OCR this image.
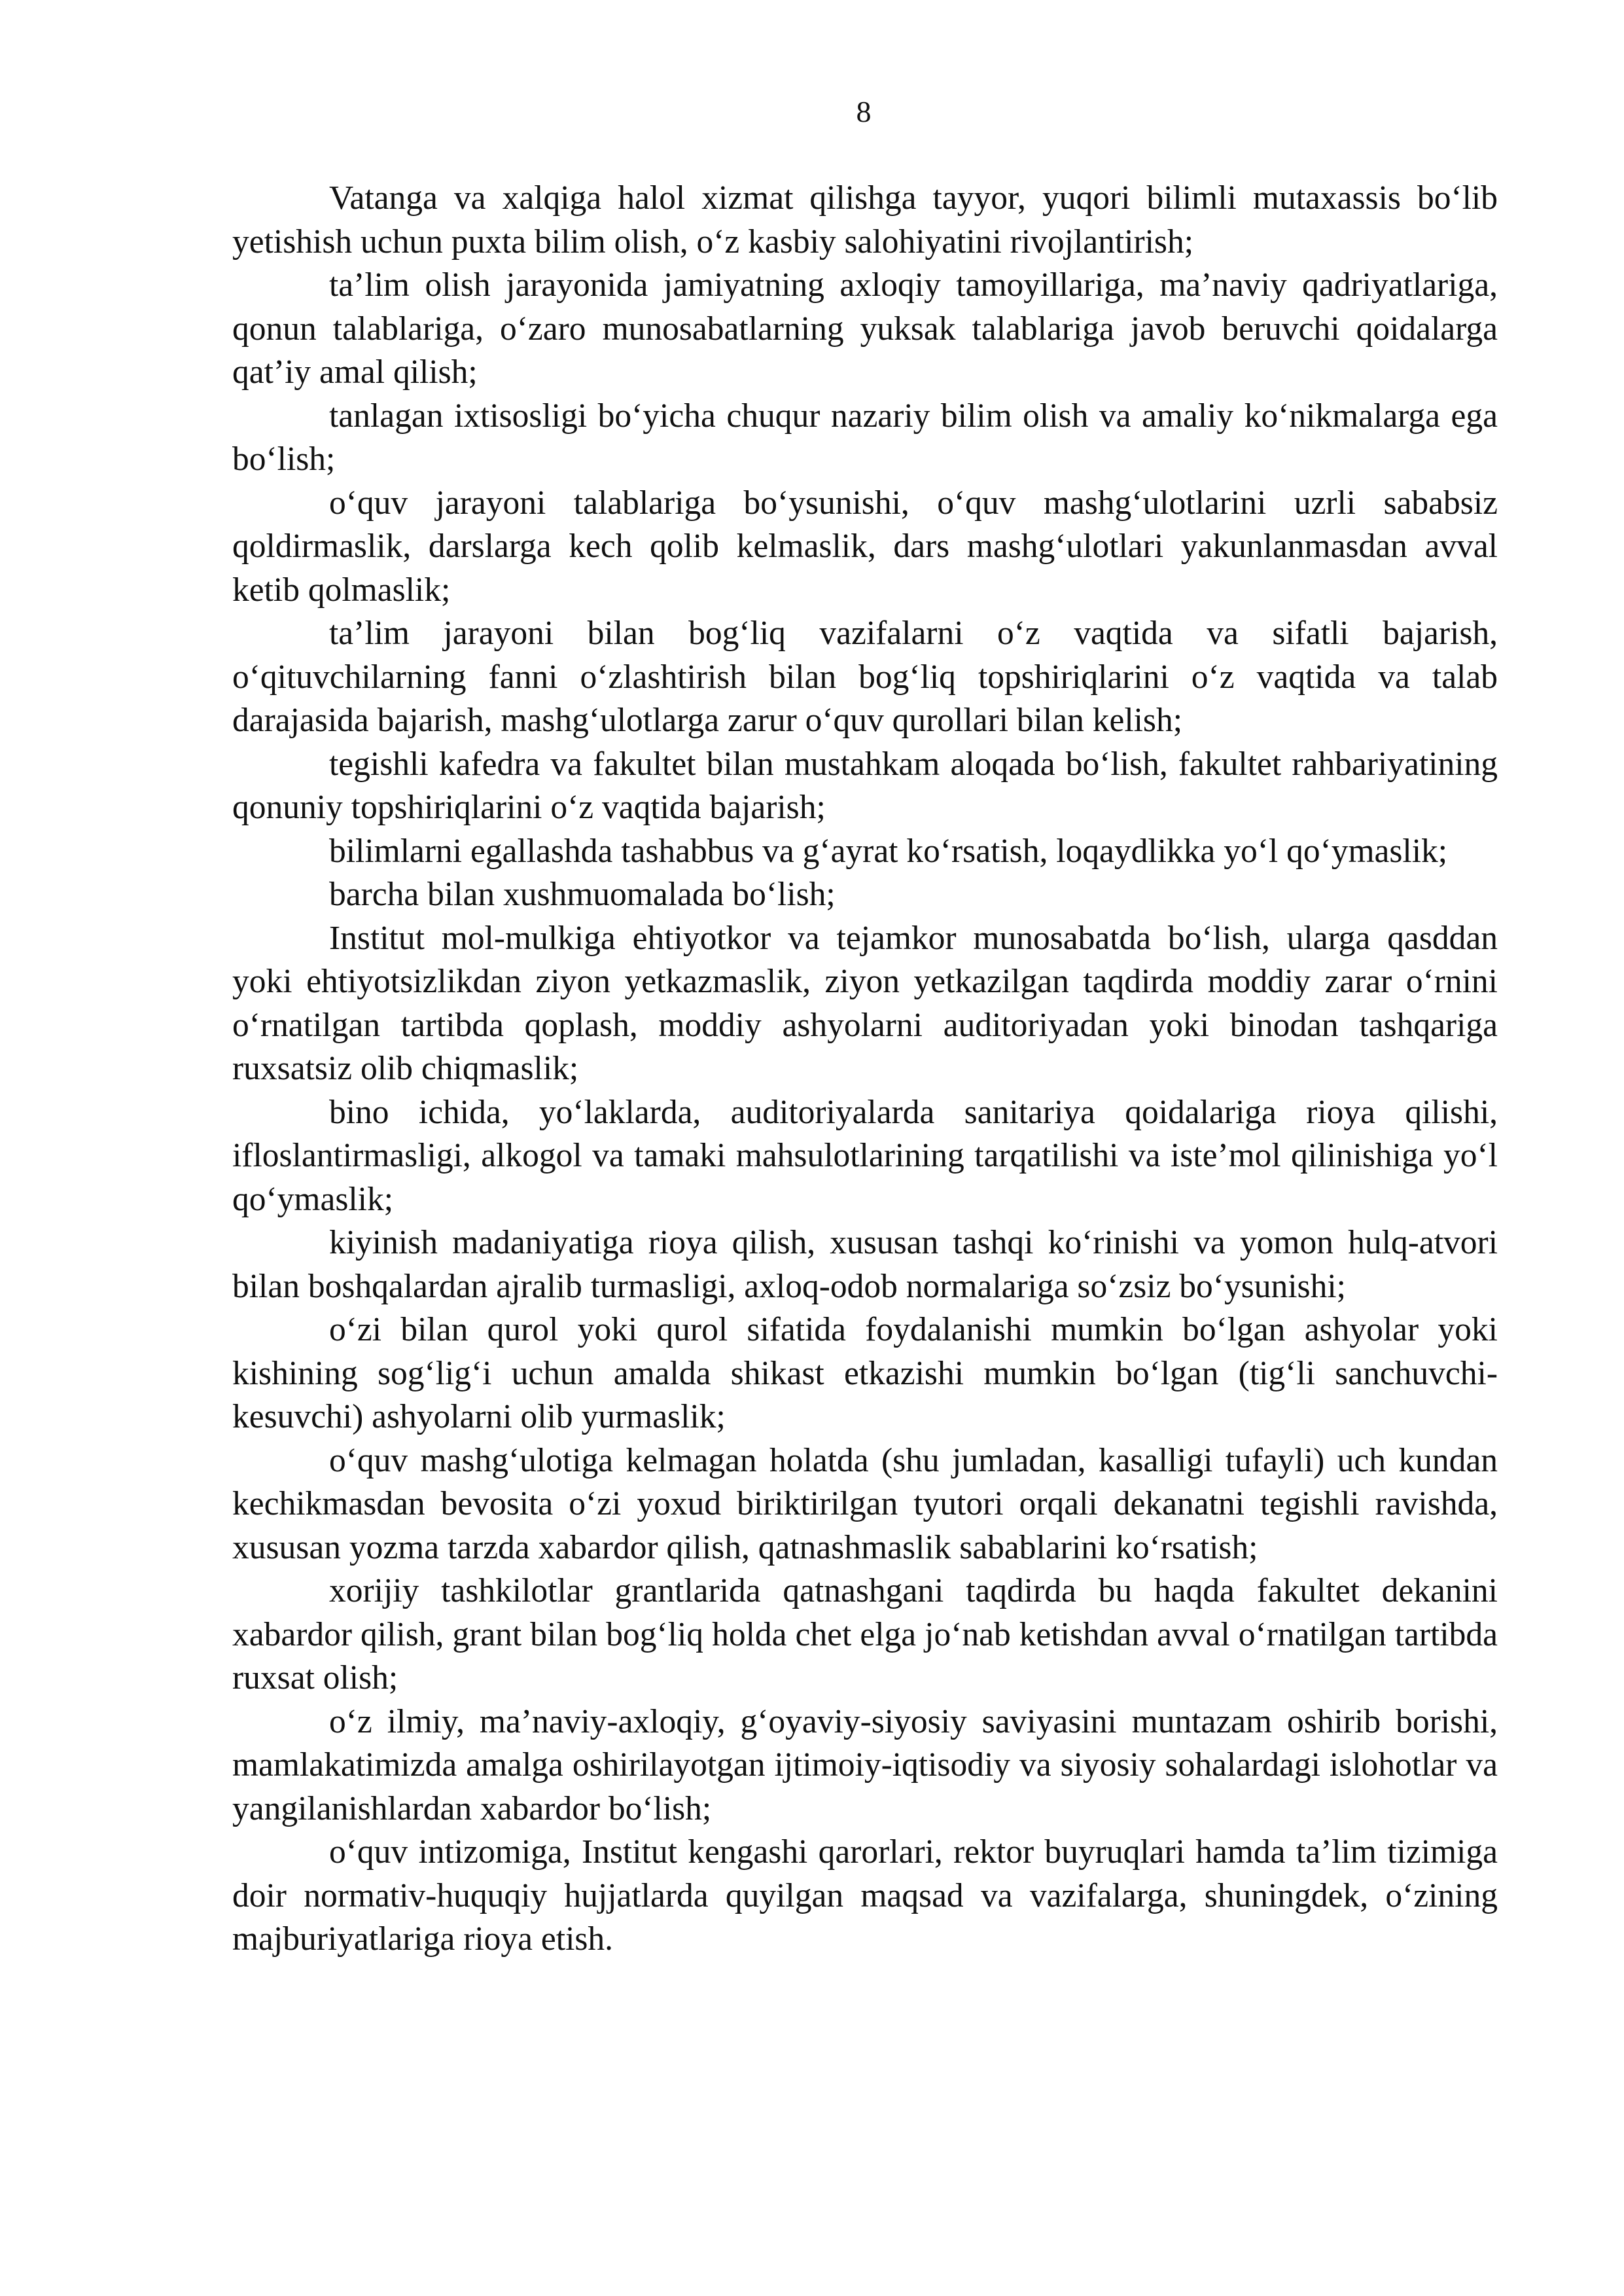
8

Vatanga va xalqiga halol xizmat qilishga tayyor, yuqori bilimli mutaxassis bo‘lib yetishish uchun puxta bilim olish, o‘z kasbiy salohiyatini rivojlantirish;

ta’lim olish jarayonida jamiyatning axloqiy tamoyillariga, ma’naviy qadriyatlariga, qonun talablariga, o‘zaro munosabatlarning yuksak talablariga javob beruvchi qoidalarga qat’iy amal qilish;

tanlagan ixtisosligi bo‘yicha chuqur nazariy bilim olish va amaliy ko‘nikmalarga ega bo‘lish;

o‘quv jarayoni talablariga bo‘ysunishi, o‘quv mashg‘ulotlarini uzrli sababsiz qoldirmaslik, darslarga kech qolib kelmaslik, dars mashg‘ulotlari yakunlanmasdan avval ketib qolmaslik;

ta’lim jarayoni bilan bog‘liq vazifalarni o‘z vaqtida va sifatli bajarish, o‘qituvchilarning fanni o‘zlashtirish bilan bog‘liq topshiriqlarini o‘z vaqtida va talab darajasida bajarish, mashg‘ulotlarga zarur o‘quv qurollari bilan kelish;

tegishli kafedra va fakultet bilan mustahkam aloqada bo‘lish, fakultet rahbariyatining qonuniy topshiriqlarini o‘z vaqtida bajarish;

bilimlarni egallashda tashabbus va g‘ayrat ko‘rsatish, loqaydlikka yo‘l qo‘ymaslik;

barcha bilan xushmuomalada bo‘lish;

Institut mol-mulkiga ehtiyotkor va tejamkor munosabatda bo‘lish, ularga qasddan yoki ehtiyotsizlikdan ziyon yetkazmaslik, ziyon yetkazilgan taqdirda moddiy zarar o‘rnini o‘rnatilgan tartibda qoplash, moddiy ashyolarni auditoriyadan yoki binodan tashqariga ruxsatsiz olib chiqmaslik;

bino ichida, yo‘laklarda, auditoriyalarda sanitariya qoidalariga rioya qilishi, ifloslantirmasligi, alkogol va tamaki mahsulotlarining tarqatilishi va iste’mol qilinishiga yo‘l qo‘ymaslik;

kiyinish madaniyatiga rioya qilish, xususan tashqi ko‘rinishi va yomon hulq-atvori bilan boshqalardan ajralib turmasligi, axloq-odob normalariga so‘zsiz bo‘ysunishi;

o‘zi bilan qurol yoki qurol sifatida foydalanishi mumkin bo‘lgan ashyolar yoki kishining sog‘lig‘i uchun amalda shikast etkazishi mumkin bo‘lgan (tig‘li sanchuvchi-kesuvchi) ashyolarni olib yurmaslik;

o‘quv mashg‘ulotiga kelmagan holatda (shu jumladan, kasalligi tufayli) uch kundan kechikmasdan bevosita o‘zi yoxud biriktirilgan tyutori orqali dekanatni tegishli ravishda, xususan yozma tarzda xabardor qilish, qatnashmaslik sabablarini ko‘rsatish;

xorijiy tashkilotlar grantlarida qatnashgani taqdirda bu haqda fakultet dekanini xabardor qilish, grant bilan bog‘liq holda chet elga jo‘nab ketishdan avval o‘rnatilgan tartibda ruxsat olish;

o‘z ilmiy, ma’naviy-axloqiy, g‘oyaviy-siyosiy saviyasini muntazam oshirib borishi, mamlakatimizda amalga oshirilayotgan ijtimoiy-iqtisodiy va siyosiy sohalardagi islohotlar va yangilanishlardan xabardor bo‘lish;

o‘quv intizomiga, Institut kengashi qarorlari, rektor buyruqlari hamda ta’lim tizimiga doir normativ-huquqiy hujjatlarda quyilgan maqsad va vazifalarga, shuningdek, o‘zining majburiyatlariga rioya etish.
